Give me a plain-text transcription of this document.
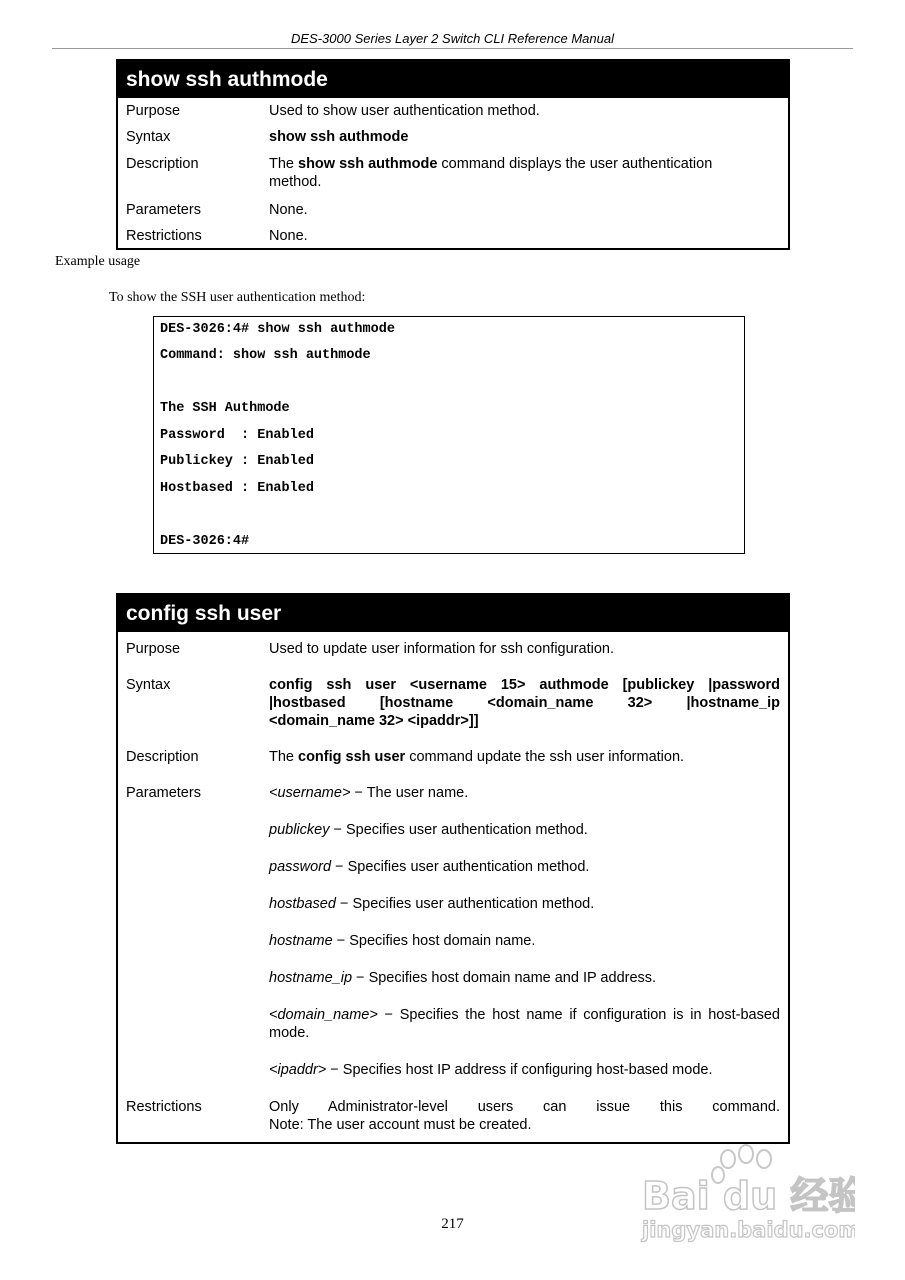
DES-3000 Series Layer 2 Switch CLI Reference Manual
show ssh authmode
Purpose	Used to show user authentication method.
Syntax	show ssh authmode
Description	The show ssh authmode command displays the user authentication
method.
Parameters	None.
Restrictions	None.
Example usage
To show the SSH user authentication method:
DES-3026:4# show ssh authmode
Command: show ssh authmode
The SSH Authmode
Password  : Enabled
Publickey : Enabled
Hostbased : Enabled
DES-3026:4#
config ssh user
Purpose	Used to update user information for ssh configuration.
Syntax	config ssh user <username 15> authmode [publickey |password
|hostbased [hostname <domain_name 32> |hostname_ip
<domain_name 32> <ipaddr>]]
Description	The config ssh user command update the ssh user information.
Parameters	<username> − The user name.
publickey − Specifies user authentication method.
password − Specifies user authentication method.
hostbased − Specifies user authentication method.
hostname − Specifies host domain name.
hostname_ip − Specifies host domain name and IP address.
<domain_name> − Specifies the host name if configuration is in host-based
mode.
<ipaddr> − Specifies host IP address if configuring host-based mode.
Restrictions	Only Administrator-level users can issue this command.
Note: The user account must be created.
217
Bai du 经验
jingyan.baidu.com
